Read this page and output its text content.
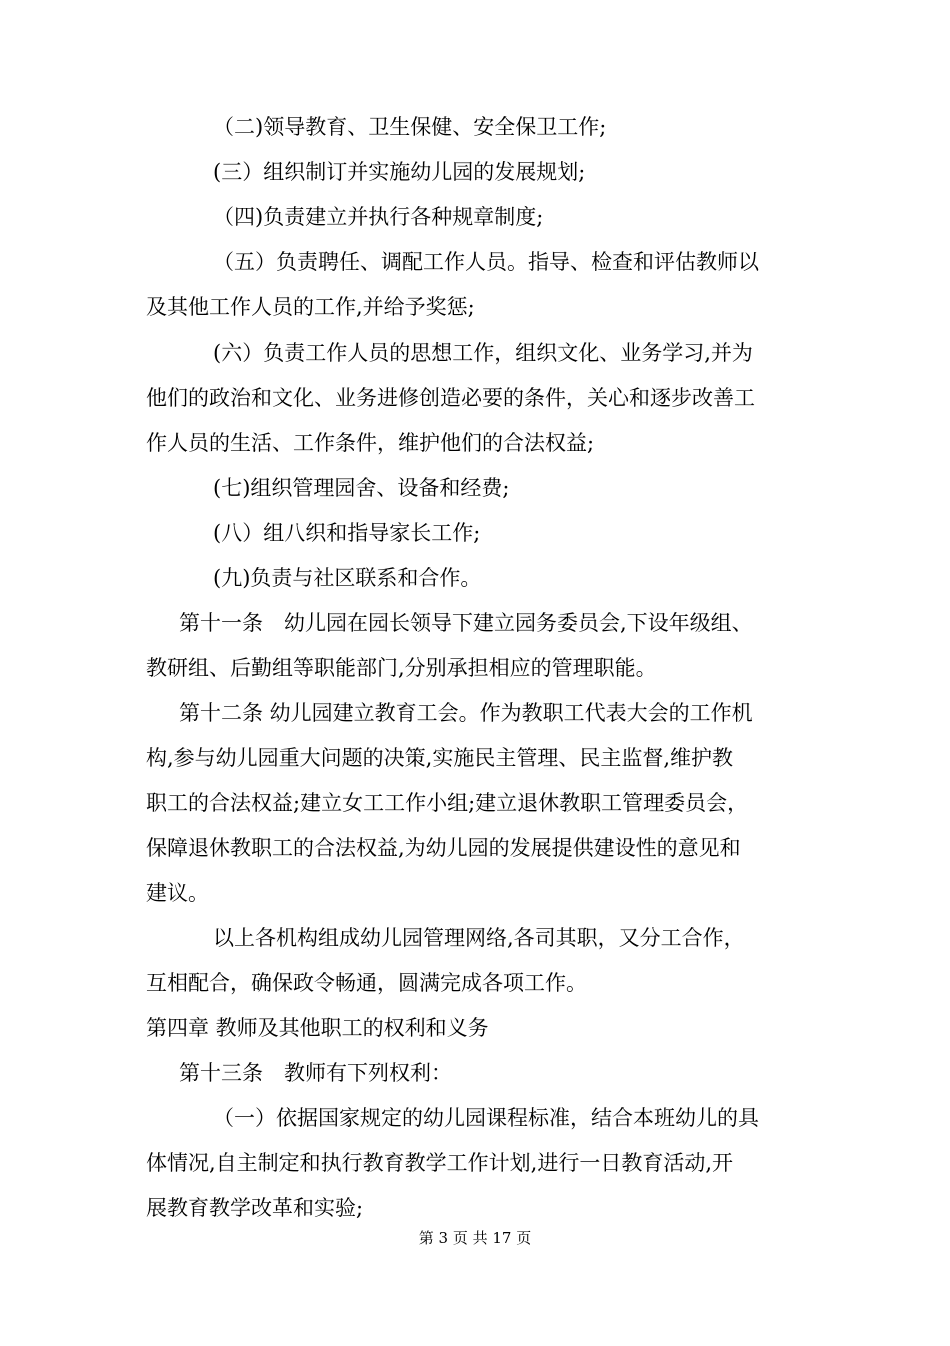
（二)领导教育、卫生保健、安全保卫工作;
(三）组织制订并实施幼儿园的发展规划;
（四)负责建立并执行各种规章制度;
（五）负责聘任、调配工作人员。指导、检查和评估教师以
及其他工作人员的工作,并给予奖惩;
(六）负责工作人员的思想工作，组织文化、业务学习,并为
他们的政治和文化、业务进修创造必要的条件，关心和逐步改善工
作人员的生活、工作条件，维护他们的合法权益;
(七)组织管理园舍、设备和经费;
(八）组八织和指导家长工作;
(九)负责与社区联系和合作。
第十一条　幼儿园在园长领导下建立园务委员会,下设年级组、
教研组、后勤组等职能部门,分别承担相应的管理职能。
第十二条 幼儿园建立教育工会。作为教职工代表大会的工作机
构,参与幼儿园重大问题的决策,实施民主管理、民主监督,维护教
职工的合法权益;建立女工工作小组;建立退休教职工管理委员会，
保障退休教职工的合法权益,为幼儿园的发展提供建设性的意见和
建议。
以上各机构组成幼儿园管理网络,各司其职，又分工合作，
互相配合，确保政令畅通，圆满完成各项工作。
第四章 教师及其他职工的权利和义务
第十三条　教师有下列权利：
（一）依据国家规定的幼儿园课程标准，结合本班幼儿的具
体情况,自主制定和执行教育教学工作计划,进行一日教育活动,开
展教育教学改革和实验;
第 3 页 共 17 页
